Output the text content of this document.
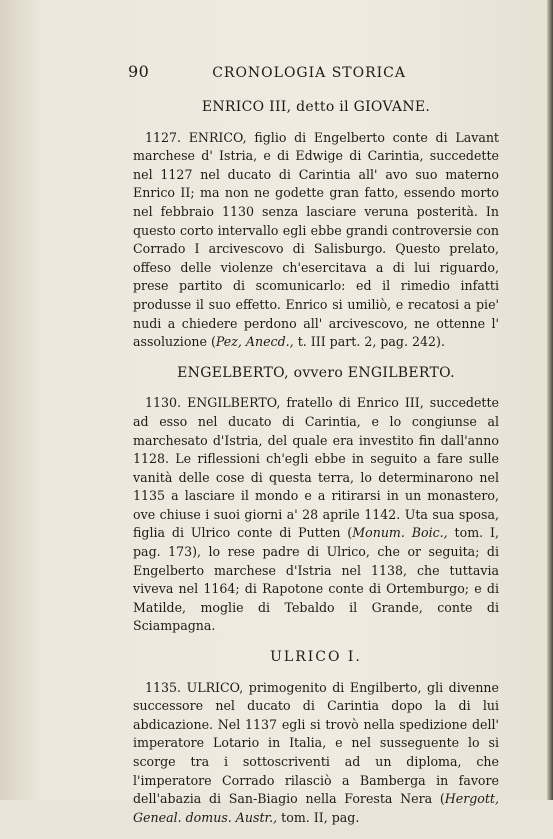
90	CRONOLOGIA STORICA
ENRICO III, detto il GIOVANE.

1127. ENRICO, figlio di Engelberto conte di Lavant marchese d' Istria, e di Edwige di Carintia, succedette nel 1127 nel ducato di Carintia all' avo suo materno Enrico II; ma non ne godette gran fatto, essendo morto nel febbraio 1130 senza lasciare veruna posterità. In questo corto intervallo egli ebbe grandi controversie con Corrado I arcivescovo di Salisburgo. Questo prelato, offeso delle violenze ch'esercitava a di lui riguardo, prese partito di scomunicarlo: ed il rimedio infatti produsse il suo effetto. Enrico si umiliò, e recatosi a pie' nudi a chiedere perdono all' arcivescovo, ne ottenne l' assoluzione (Pez, Anecd., t. III part. 2, pag. 242).

ENGELBERTO, ovvero ENGILBERTO.

1130. ENGILBERTO, fratello di Enrico III, succedette ad esso nel ducato di Carintia, e lo congiunse al marchesato d'Istria, del quale era investito fin dall'anno 1128. Le riflessioni ch'egli ebbe in seguito a fare sulle vanità delle cose di questa terra, lo determinarono nel 1135 a lasciare il mondo e a ritirarsi in un monastero, ove chiuse i suoi giorni a' 28 aprile 1142. Uta sua sposa, figlia di Ulrico conte di Putten (Monum. Boic., tom. I, pag. 173), lo rese padre di Ulrico, che or seguita; di Engelberto marchese d'Istria nel 1138, che tuttavia viveva nel 1164; di Rapotone conte di Ortemburgo; e di Matilde, moglie di Tebaldo il Grande, conte di Sciampagna.

ULRICO I.

1135. ULRICO, primogenito di Engilberto, gli divenne successore nel ducato di Carintia dopo la di lui abdicazione. Nel 1137 egli si trovò nella spedizione dell' imperatore Lotario in Italia, e nel susseguente lo si scorge tra i sottoscriventi ad un diploma, che l'imperatore Corrado rilasciò a Bamberga in favore dell'abazia di San-Biagio nella Foresta Nera (Hergott, Geneal. domus. Austr., tom. II, pag.
